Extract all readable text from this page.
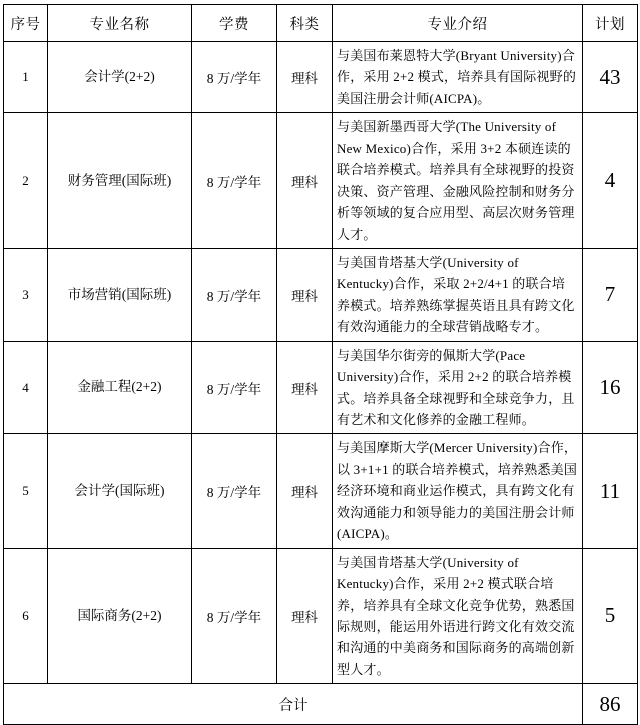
序号	专业名称	学费	科类	专业介绍	计划
1	会计学(2+2)	8 万/学年	理科	与美国布莱恩特大学(Bryant University)合作，采用 2+2 模式，培养具有国际视野的美国注册会计师(AICPA)。	43
2	财务管理(国际班)	8 万/学年	理科	与美国新墨西哥大学(The University of New Mexico)合作，采用 3+2 本硕连读的联合培养模式。培养具有全球视野的投资决策、资产管理、金融风险控制和财务分析等领域的复合应用型、高层次财务管理人才。	4
3	市场营销(国际班)	8 万/学年	理科	与美国肯塔基大学(University of Kentucky)合作，采取 2+2/4+1 的联合培养模式。培养熟练掌握英语且具有跨文化有效沟通能力的全球营销战略专才。	7
4	金融工程(2+2)	8 万/学年	理科	与美国华尔街旁的佩斯大学(Pace University)合作，采用 2+2 的联合培养模式。培养具备全球视野和全球竞争力，且有艺术和文化修养的金融工程师。	16
5	会计学(国际班)	8 万/学年	理科	与美国摩斯大学(Mercer University)合作，以 3+1+1 的联合培养模式，培养熟悉美国经济环境和商业运作模式，具有跨文化有效沟通能力和领导能力的美国注册会计师(AICPA)。	11
6	国际商务(2+2)	8 万/学年	理科	与美国肯塔基大学(University of Kentucky)合作，采用 2+2 模式联合培养，培养具有全球文化竞争优势，熟悉国际规则，能运用外语进行跨文化有效交流和沟通的中美商务和国际商务的高端创新型人才。	5
合计					86
